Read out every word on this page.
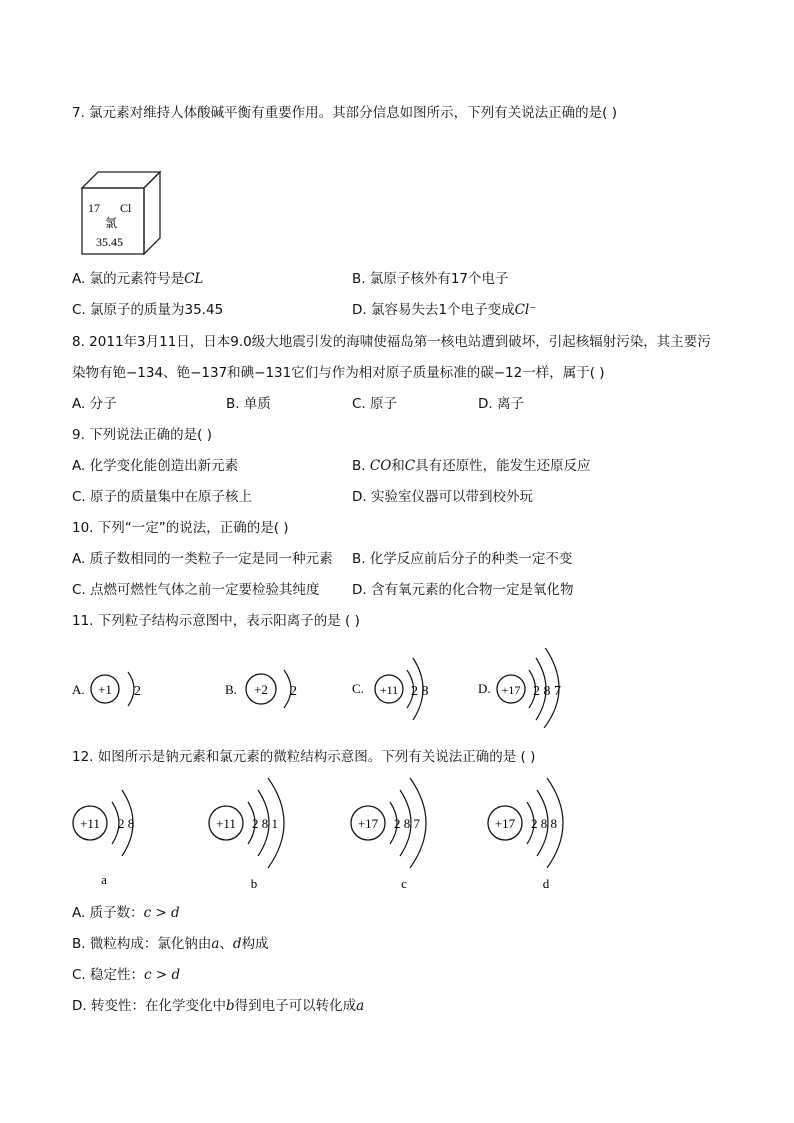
7. 氯元素对维持人体酸碱平衡有重要作用。其部分信息如图所示，下列有关说法正确的是( )
17 Cl
氯
35.45
A. 氯的元素符号是CL	B. 氯原子核外有17个电子
C. 氯原子的质量为35.45	D. 氯容易失去1个电子变成Cl⁻
8. 2011年3月11日，日本9.0级大地震引发的海啸使福岛第一核电站遭到破坏，引起核辐射污染，其主要污
染物有铯−134、铯−137和碘−131它们与作为相对原子质量标准的碳−12一样，属于( )
A. 分子	B. 单质	C. 原子	D. 离子
9. 下列说法正确的是( )
A. 化学变化能创造出新元素	B. CO和C具有还原性，能发生还原反应
C. 原子的质量集中在原子核上	D. 实验室仪器可以带到校外玩
10. 下列“一定”的说法，正确的是( )
A. 质子数相同的一类粒子一定是同一种元素 B. 化学反应前后分子的种类一定不变
C. 点燃可燃性气体之前一定要检验其纯度 D. 含有氧元素的化合物一定是氧化物
11. 下列粒子结构示意图中，表示阳离子的是 ( )
A. +1 2	B. +2 2	C. +11 2 8	D. +17 2 8 7
12. 如图所示是钠元素和氯元素的微粒结构示意图。下列有关说法正确的是 ( )
+11 2 8
a
+11 2 8 1
b
+17 2 8 7
c
+17 2 8 8
d
A. 质子数：c > d
B. 微粒构成：氯化钠由a、d构成
C. 稳定性：c > d
D. 转变性：在化学变化中b得到电子可以转化成a
